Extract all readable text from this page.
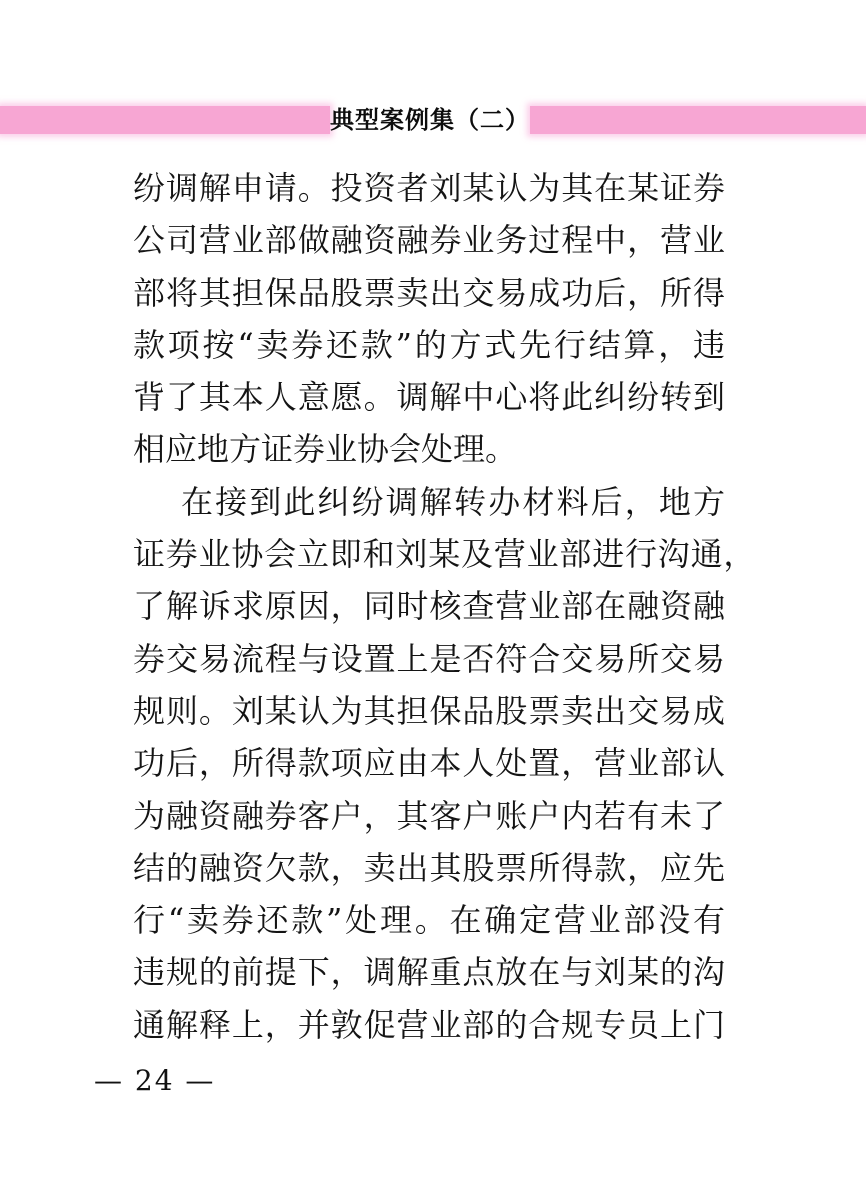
典型案例集（二）
纷调解申请。投资者刘某认为其在某证券
公司营业部做融资融券业务过程中，营业
部将其担保品股票卖出交易成功后，所得
款项按“卖券还款”的方式先行结算，违
背了其本人意愿。调解中心将此纠纷转到
相应地方证券业协会处理。
在接到此纠纷调解转办材料后，地方
证券业协会立即和刘某及营业部进行沟通，
了解诉求原因，同时核查营业部在融资融
券交易流程与设置上是否符合交易所交易
规则。刘某认为其担保品股票卖出交易成
功后，所得款项应由本人处置，营业部认
为融资融券客户，其客户账户内若有未了
结的融资欠款，卖出其股票所得款，应先
行“卖券还款”处理。在确定营业部没有
违规的前提下，调解重点放在与刘某的沟
通解释上，并敦促营业部的合规专员上门
— 24 —
